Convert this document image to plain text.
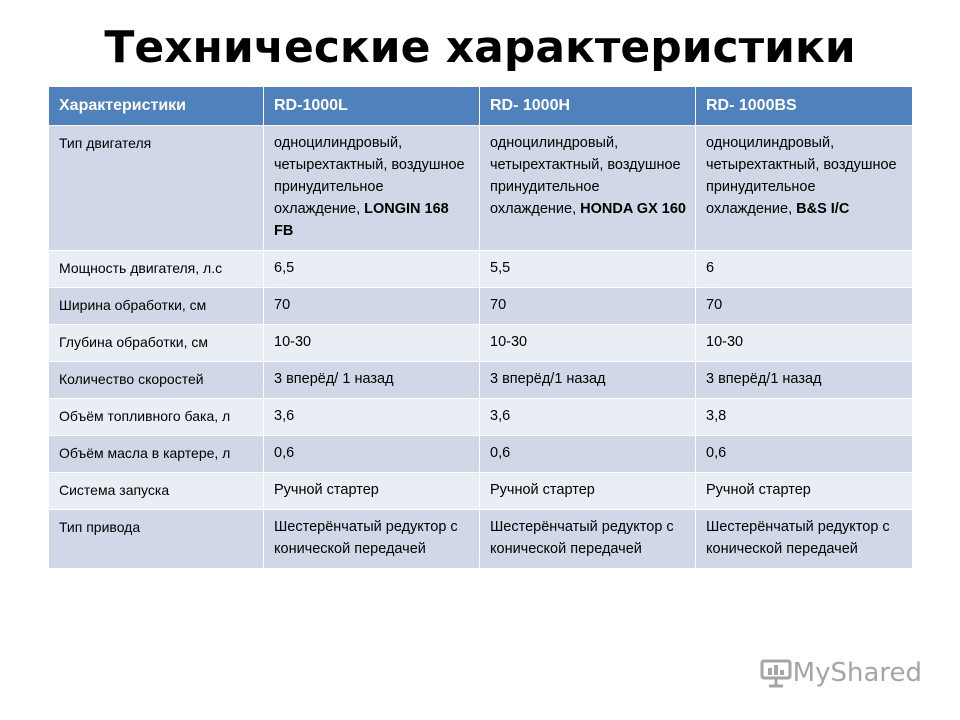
Технические характеристики
Характеристики	RD-1000L	RD- 1000H	RD- 1000BS
Тип двигателя	одноцилиндровый, четырехтактный, воздушное принудительное охлаждение, LONGIN 168 FB	одноцилиндровый, четырехтактный, воздушное принудительное охлаждение, HONDA GX 160	одноцилиндровый, четырехтактный, воздушное принудительное охлаждение, B&S I/C
Мощность двигателя, л.с	6,5	5,5	6
Ширина обработки, см	70	70	70
Глубина обработки, см	10-30	10-30	10-30
Количество скоростей	3 вперёд/ 1 назад	3 вперёд/1 назад	3 вперёд/1 назад
Объём топливного бака, л	3,6	3,6	3,8
Объём масла в картере, л	0,6	0,6	0,6
Система запуска	Ручной стартер	Ручной стартер	Ручной стартер
Тип привода	Шестерёнчатый редуктор с конической передачей	Шестерёнчатый редуктор с конической передачей	Шестерёнчатый редуктор с конической передачей
MyShared
